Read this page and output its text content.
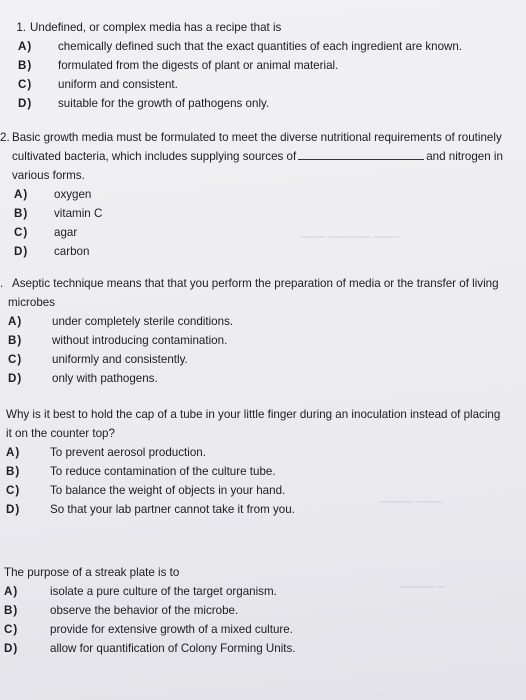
▁▁▁ ▁▁▁▁▁ ▁▁▁
▁▁▁▁ ▁▁▁
▁▁▁▁ ▁
1. Undefined, or complex media has a recipe that is
A)	chemically defined such that the exact quantities of each ingredient are known.
B)	formulated from the digests of plant or animal material.
C)	uniform and consistent.
D)	suitable for the growth of pathogens only.
2. Basic growth media must be formulated to meet the diverse nutritional requirements of routinely
cultivated bacteria, which includes supplying sources of	and nitrogen in
various forms.
A)	oxygen
B)	vitamin C
C)	agar
D)	carbon
. Aseptic technique means that that you perform the preparation of media or the transfer of living
microbes
A)	under completely sterile conditions.
B)	without introducing contamination.
C)	uniformly and consistently.
D)	only with pathogens.
Why is it best to hold the cap of a tube in your little finger during an inoculation instead of placing
it on the counter top?
A)	To prevent aerosol production.
B)	To reduce contamination of the culture tube.
C)	To balance the weight of objects in your hand.
D)	So that your lab partner cannot take it from you.
The purpose of a streak plate is to
A)	isolate a pure culture of the target organism.
B)	observe the behavior of the microbe.
C)	provide for extensive growth of a mixed culture.
D)	allow for quantification of Colony Forming Units.
